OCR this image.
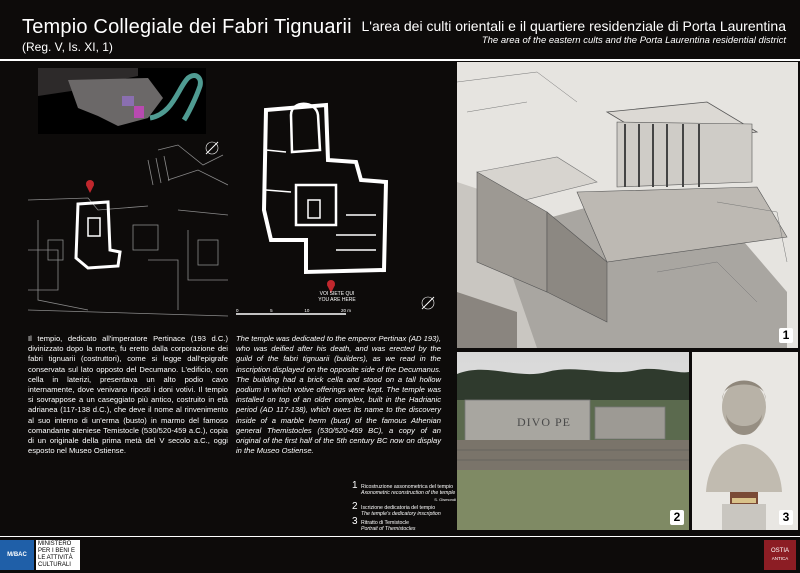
Tempio Collegiale dei Fabri Tignuarii
(Reg. V, Is. XI, 1)
L'area dei culti orientali e il quartiere residenziale di Porta Laurentina
The area of the eastern cults and the Porta Laurentina residential district
VOI SIETE QUI
YOU ARE HERE
0	5	10	20 m
Il tempio, dedicato all'imperatore Pertinace (193 d.C.) divinizzato dopo la morte, fu eretto dalla corporazione dei fabri tignuarii (costruttori), come si legge dall'epigrafe conservata sul lato opposto del Decumano. L'edificio, con cella in laterizi, presentava un alto podio cavo internamente, dove venivano riposti i doni votivi. Il tempio si sovrappose a un caseggiato più antico, costruito in età adrianea (117-138 d.C.), che deve il nome al rinvenimento al suo interno di un'erma (busto) in marmo del famoso comandante ateniese Temistocle (530/520-459 a.C.), copia di un originale della prima metà del V secolo a.C., oggi esposto nel Museo Ostiense.
The temple was dedicated to the emperor Pertinax (AD 193), who was deified after his death, and was erected by the guild of the fabri tignuarii (builders), as we read in the inscription displayed on the opposite side of the Decumanus. The building had a brick cella and stood on a tall hollow podium in which votive offerings were kept. The temple was installed on top of an older complex, built in the Hadrianic period (AD 117-138), which owes its name to the discovery inside of a marble herm (bust) of the famous Athenian general Themistocles (530/520-459 BC), a copy of an original of the first half of the 5th century BC now on display in the Museo Ostiense.
1 Ricostruzione assonometrica del tempio
Axonometric reconstruction of the temple
S. Gismondi
2 Iscrizione dedicatoria del tempio
The temple's dedicatory inscription
3 Ritratto di Temistocle
Portrait of Themistocles
1
DIVO PE
2	3
M/BAC
MINISTERO
PER I BENI E
LE ATTIVITÀ
CULTURALI
OSTIA
ANTICA
